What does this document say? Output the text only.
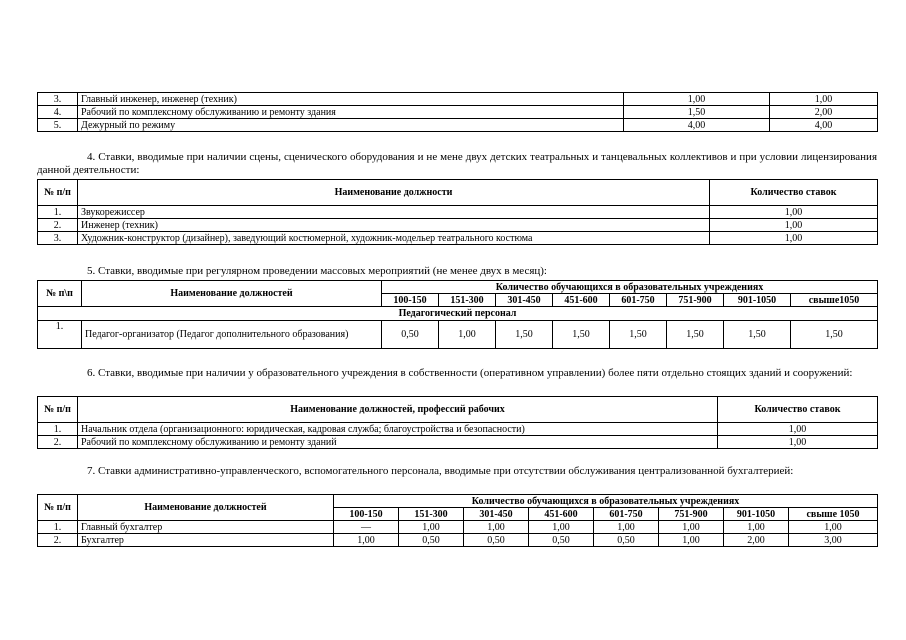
3.	Главный инженер, инженер (техник)	1,00	1,00
4.	Рабочий по комплексному обслуживанию и ремонту здания	1,50	2,00
5.	Дежурный по режиму	4,00	4,00
4. Ставки, вводимые при наличии сцены, сценического оборудования и не мене двух детских театральных и танцевальных коллективов и при условии лицензирования данной деятельности:
№ п/п	Наименование должности	Количество ставок
1.	Звукорежиссер	1,00
2.	Инженер (техник)	1,00
3.	Художник-конструктор (дизайнер), заведующий костюмерной, художник-модельер театрального костюма	1,00
5. Ставки, вводимые при регулярном проведении массовых мероприятий (не менее двух в месяц):
№ п\п	Наименование должностей	Количество обучающихся в образовательных учреждениях							
		100-150	151-300	301-450	451-600	601-750	751-900	901-1050	свыше1050
Педагогический персонал									
1.	Педагог-организатор (Педагог дополнительного образования)	0,50	1,00	1,50	1,50	1,50	1,50	1,50	1,50
6. Ставки, вводимые при наличии у образовательного учреждения в собственности (оперативном управлении) более пяти отдельно стоящих зданий и сооружений:
№ п/п	Наименование должностей, профессий рабочих	Количество ставок
1.	Начальник отдела (организационного: юридическая, кадровая служба; благоустройства и безопасности)	1,00
2.	Рабочий по комплексному обслуживанию и ремонту зданий	1,00
7. Ставки административно-управленческого, вспомогательного персонала, вводимые при отсутствии обслуживания централизованной бухгалтерией:
№ п/п	Наименование должностей	Количество обучающихся в образовательных учреждениях							
		100-150	151-300	301-450	451-600	601-750	751-900	901-1050	свыше 1050
1.	Главный бухгалтер	—	1,00	1,00	1,00	1,00	1,00	1,00	1,00
2.	Бухгалтер	1,00	0,50	0,50	0,50	0,50	1,00	2,00	3,00
